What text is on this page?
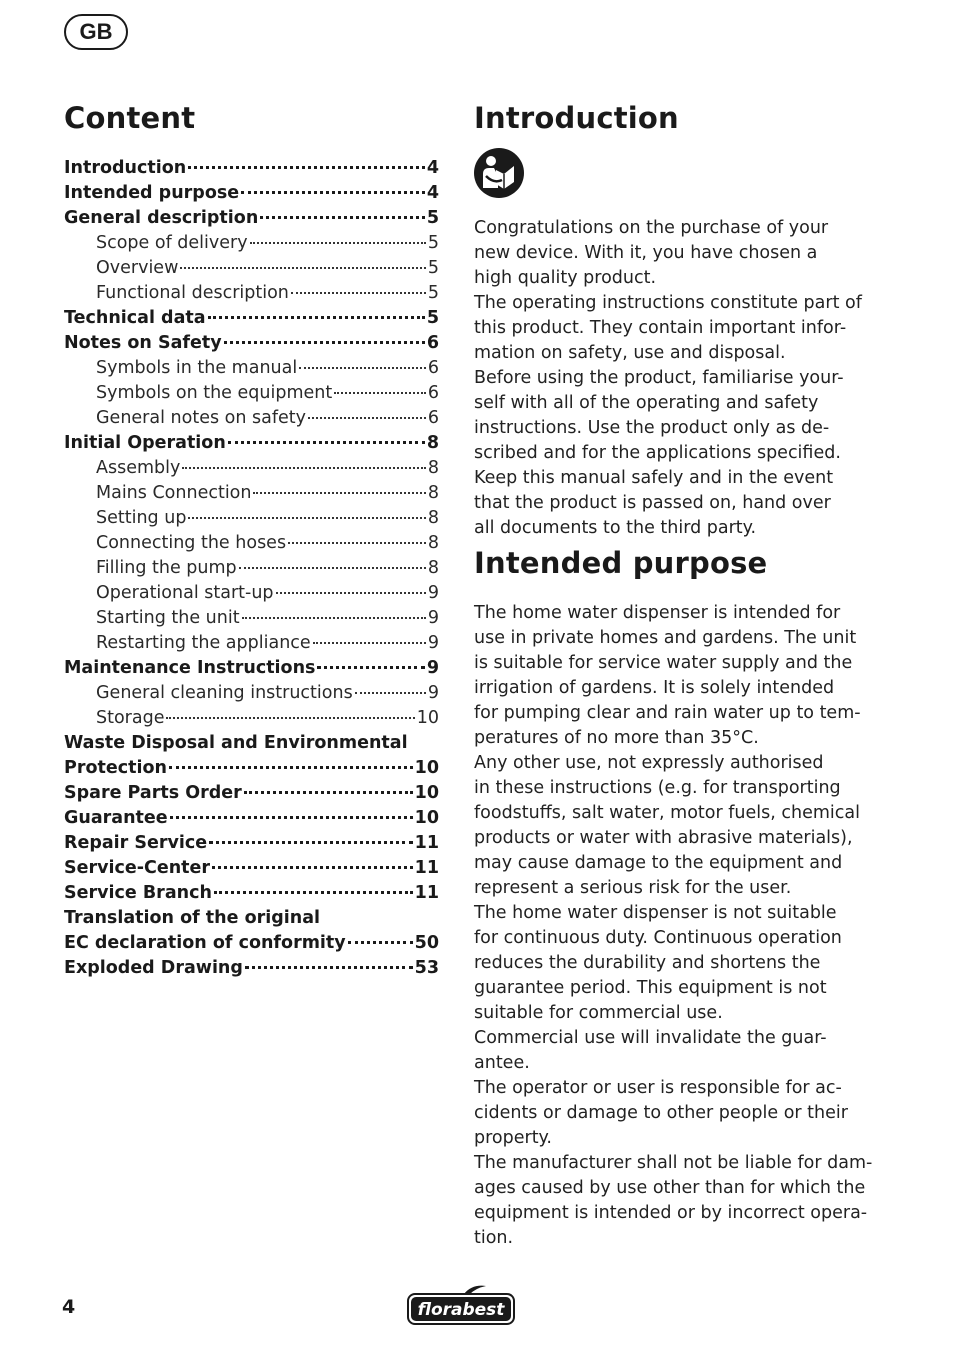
GB
Content
Introduction	4
Intended purpose	4
General description	5
Scope of delivery	5
Overview	5
Functional description	5
Technical data	5
Notes on Safety	6
Symbols in the manual	6
Symbols on the equipment	6
General notes on safety	6
Initial Operation	8
Assembly	8
Mains Connection	8
Setting up	8
Connecting the hoses	8
Filling the pump	8
Operational start-up	9
Starting the unit	9
Restarting the appliance	9
Maintenance Instructions	9
General cleaning instructions	9
Storage	10
Waste Disposal and Environmental
Protection	10
Spare Parts Order	10
Guarantee	10
Repair Service	11
Service-Center	11
Service Branch	11
Translation of the original
EC declaration of conformity	50
Exploded Drawing	53
Introduction
Congratulations on the purchase of your
new device. With it, you have chosen a
high quality product.
The operating instructions constitute part of
this product. They contain important infor-
mation on safety, use and disposal.
Before using the product, familiarise your-
self with all of the operating and safety
instructions. Use the product only as de-
scribed and for the applications specified.
Keep this manual safely and in the event
that the product is passed on, hand over
all documents to the third party.
Intended purpose
The home water dispenser is intended for
use in private homes and gardens. The unit
is suitable for service water supply and the
irrigation of gardens. It is solely intended
for pumping clear and rain water up to tem-
peratures of no more than 35°C.
Any other use, not expressly authorised
in these instructions (e.g. for transporting
foodstuffs, salt water, motor fuels, chemical
products or water with abrasive materials),
may cause damage to the equipment and
represent a serious risk for the user.
The home water dispenser is not suitable
for continuous duty. Continuous operation
reduces the durability and shortens the
guarantee period. This equipment is not
suitable for commercial use.
Commercial use will invalidate the guar-
antee.
The operator or user is responsible for ac-
cidents or damage to other people or their
property.
The manufacturer shall not be liable for dam-
ages caused by use other than for which the
equipment is intended or by incorrect opera-
tion.
4	florabest
